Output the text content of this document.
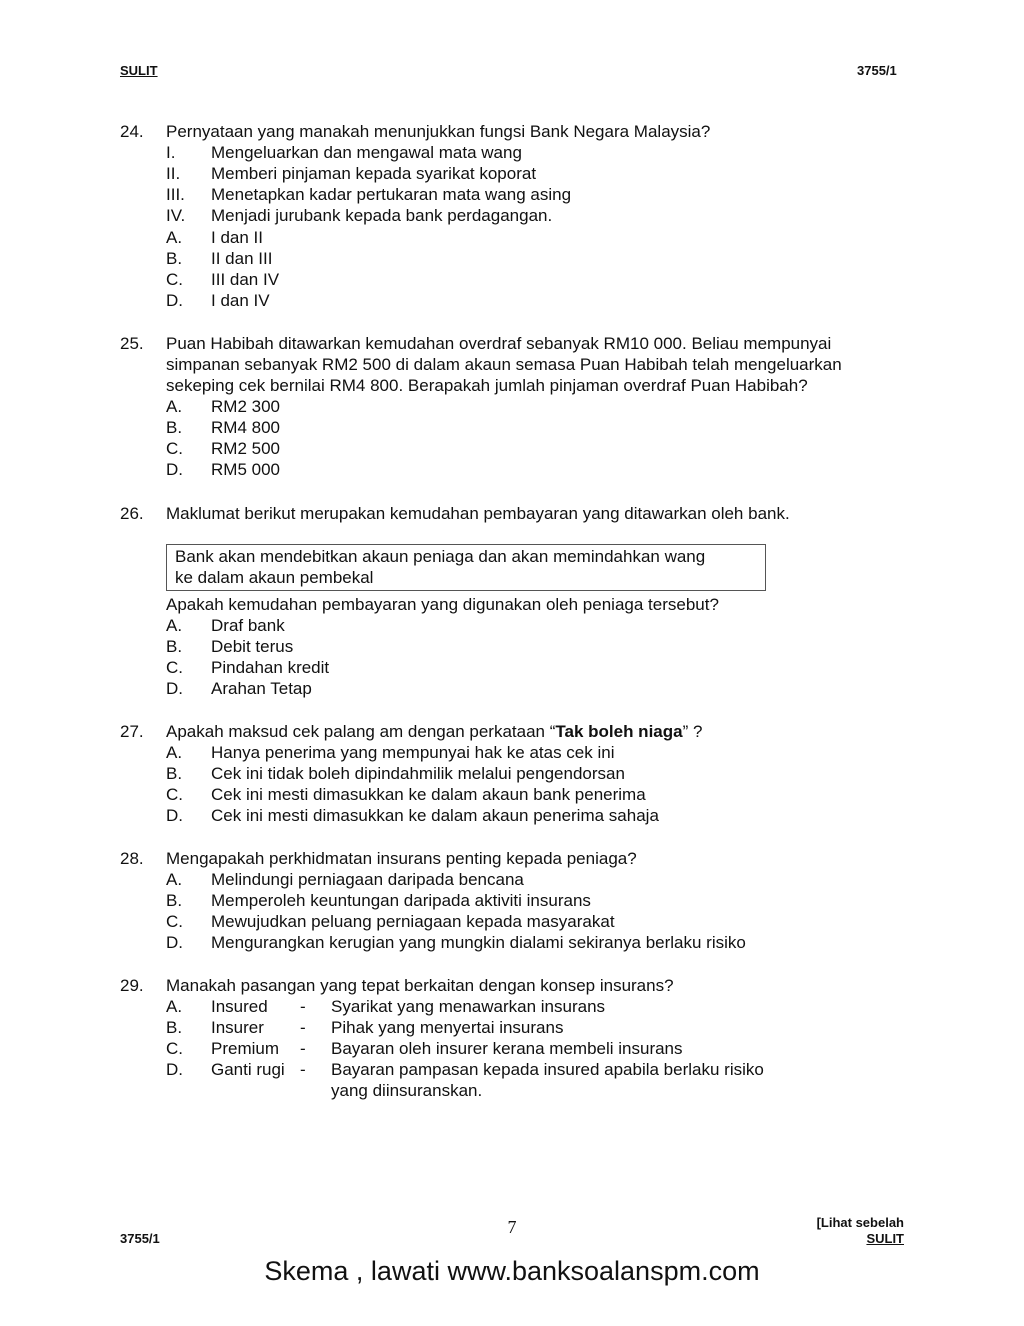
SULIT	3755/1
24. Pernyataan yang manakah menunjukkan fungsi Bank Negara Malaysia?
I. Mengeluarkan dan mengawal mata wang
II. Memberi pinjaman kepada syarikat koporat
III. Menetapkan kadar pertukaran mata wang asing
IV. Menjadi jurubank kepada bank perdagangan.
A. I dan II
B. II dan III
C. III dan IV
D. I dan IV
25. Puan Habibah ditawarkan kemudahan overdraf sebanyak RM10 000. Beliau mempunyai
simpanan sebanyak RM2 500 di dalam akaun semasa Puan Habibah telah mengeluarkan
sekeping cek bernilai RM4 800. Berapakah jumlah pinjaman overdraf Puan Habibah?
A. RM2 300
B. RM4 800
C. RM2 500
D. RM5 000
26. Maklumat berikut merupakan kemudahan pembayaran yang ditawarkan oleh bank.
Bank akan mendebitkan akaun peniaga dan akan memindahkan wang
ke dalam akaun pembekal
Apakah kemudahan pembayaran yang digunakan oleh peniaga tersebut?
A. Draf bank
B. Debit terus
C. Pindahan kredit
D. Arahan Tetap
27. Apakah maksud cek palang am dengan perkataan “Tak boleh niaga” ?
A. Hanya penerima yang mempunyai hak ke atas cek ini
B. Cek ini tidak boleh dipindahmilik melalui pengendorsan
C. Cek ini mesti dimasukkan ke dalam akaun bank penerima
D. Cek ini mesti dimasukkan ke dalam akaun penerima sahaja
28. Mengapakah perkhidmatan insurans penting kepada peniaga?
A. Melindungi perniagaan daripada bencana
B. Memperoleh keuntungan daripada aktiviti insurans
C. Mewujudkan peluang perniagaan kepada masyarakat
D. Mengurangkan kerugian yang mungkin dialami sekiranya berlaku risiko
29. Manakah pasangan yang tepat berkaitan dengan konsep insurans?
A. Insured - Syarikat yang menawarkan insurans
B. Insurer - Pihak yang menyertai insurans
C. Premium - Bayaran oleh insurer kerana membeli insurans
D. Ganti rugi - Bayaran pampasan kepada insured apabila berlaku risiko
yang diinsuranskan.
7
3755/1
[Lihat sebelah
SULIT
Skema , lawati www.banksoalanspm.com
